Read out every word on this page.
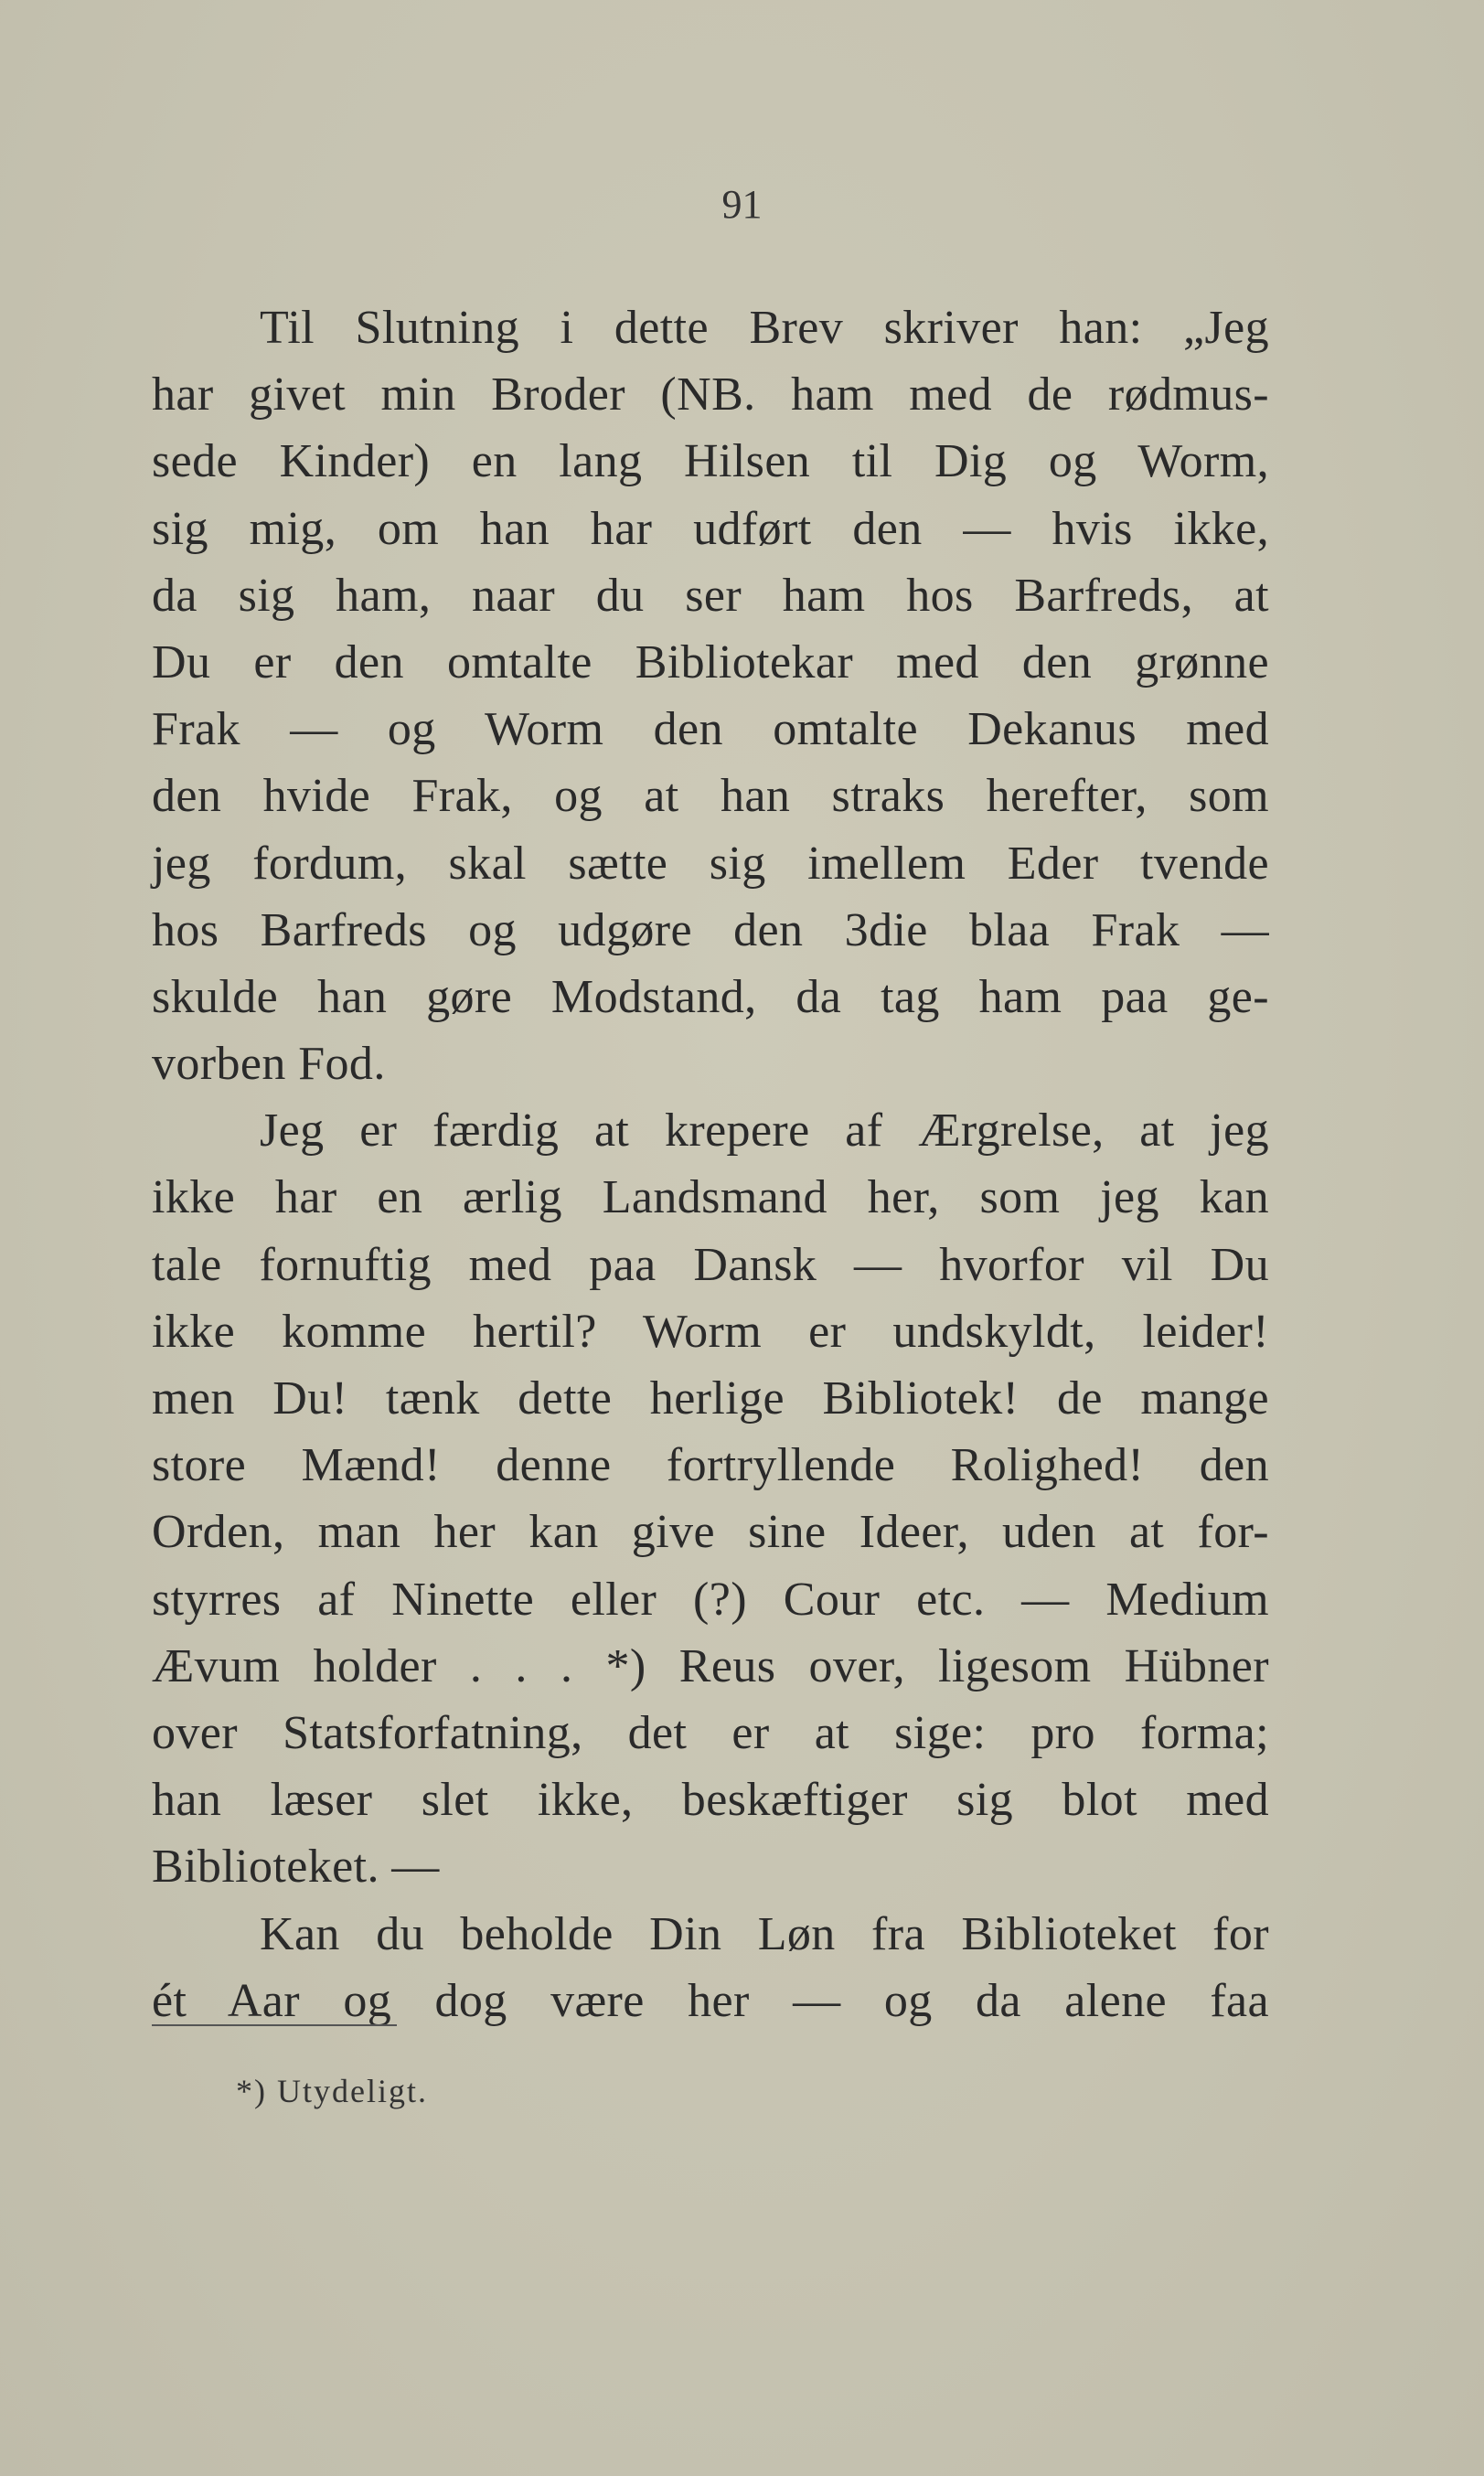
91
Til Slutning i dette Brev skriver han: „Jeg
har givet min Broder (NB. ham med de rødmus-
sede Kinder) en lang Hilsen til Dig og Worm,
sig mig, om han har udført den — hvis ikke,
da sig ham, naar du ser ham hos Barfreds, at
Du er den omtalte Bibliotekar med den grønne
Frak — og Worm den omtalte Dekanus med
den hvide Frak, og at han straks herefter, som
jeg fordum, skal sætte sig imellem Eder tvende
hos Barfreds og udgøre den 3die blaa Frak —
skulde han gøre Modstand, da tag ham paa ge-
vorben Fod.
Jeg er færdig at krepere af Ærgrelse, at jeg
ikke har en ærlig Landsmand her, som jeg kan
tale fornuftig med paa Dansk — hvorfor vil Du
ikke komme hertil? Worm er undskyldt, leider!
men Du! tænk dette herlige Bibliotek! de mange
store Mænd! denne fortryllende Rolighed! den
Orden, man her kan give sine Ideer, uden at for-
styrres af Ninette eller (?) Cour etc. — Medium
Ævum holder . . . *) Reus over, ligesom Hübner
over Statsforfatning, det er at sige: pro forma;
han læser slet ikke, beskæftiger sig blot med
Biblioteket. —
Kan du beholde Din Løn fra Biblioteket for
ét Aar og dog være her — og da alene faa
*) Utydeligt.
